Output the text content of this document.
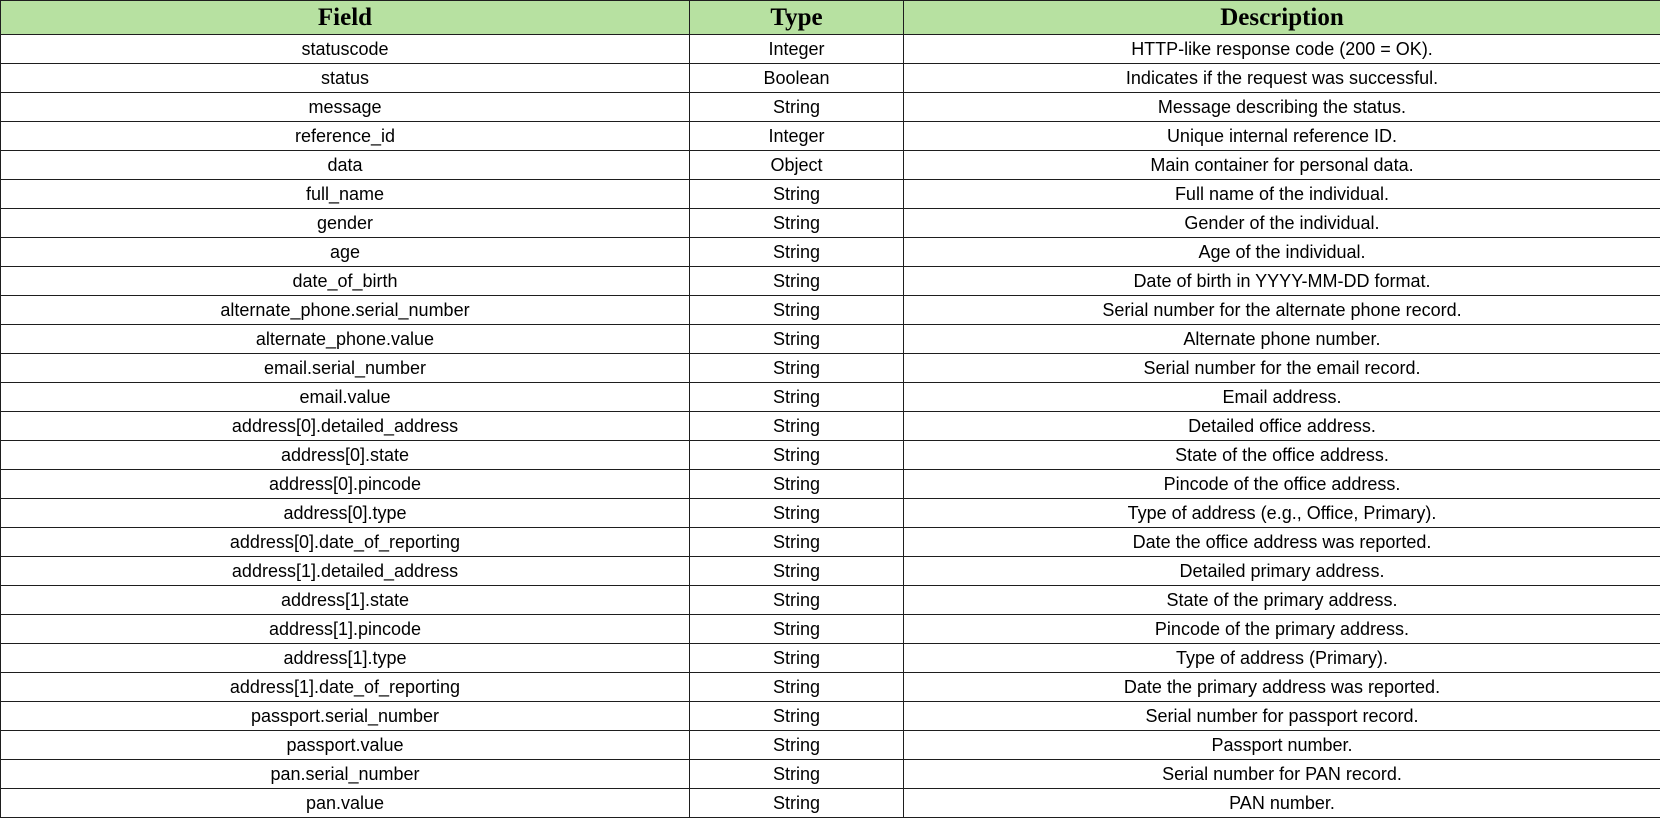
Field	Type	Description
statuscode	Integer	HTTP-like response code (200 = OK).
status	Boolean	Indicates if the request was successful.
message	String	Message describing the status.
reference_id	Integer	Unique internal reference ID.
data	Object	Main container for personal data.
full_name	String	Full name of the individual.
gender	String	Gender of the individual.
age	String	Age of the individual.
date_of_birth	String	Date of birth in YYYY-MM-DD format.
alternate_phone.serial_number	String	Serial number for the alternate phone record.
alternate_phone.value	String	Alternate phone number.
email.serial_number	String	Serial number for the email record.
email.value	String	Email address.
address[0].detailed_address	String	Detailed office address.
address[0].state	String	State of the office address.
address[0].pincode	String	Pincode of the office address.
address[0].type	String	Type of address (e.g., Office, Primary).
address[0].date_of_reporting	String	Date the office address was reported.
address[1].detailed_address	String	Detailed primary address.
address[1].state	String	State of the primary address.
address[1].pincode	String	Pincode of the primary address.
address[1].type	String	Type of address (Primary).
address[1].date_of_reporting	String	Date the primary address was reported.
passport.serial_number	String	Serial number for passport record.
passport.value	String	Passport number.
pan.serial_number	String	Serial number for PAN record.
pan.value	String	PAN number.
